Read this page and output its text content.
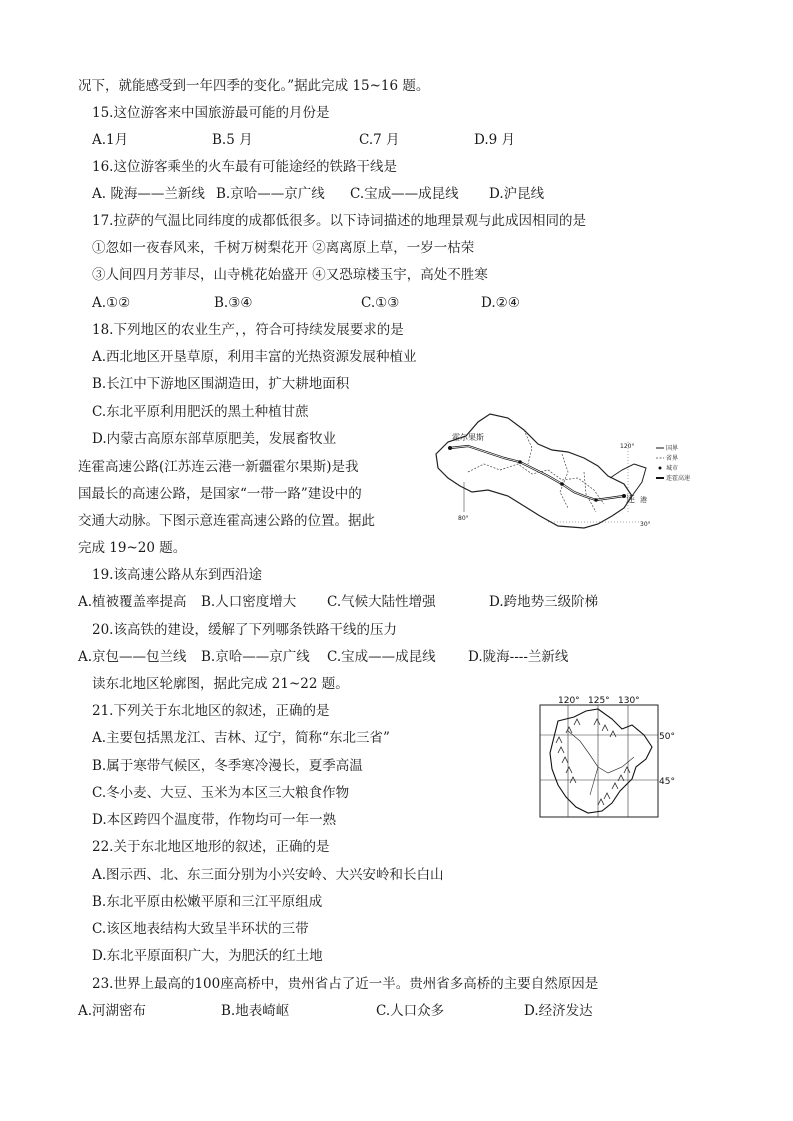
况下，就能感受到一年四季的变化。”据此完成 15~16 题。
15.这位游客来中国旅游最可能的月份是
A.1月	B.5 月	C.7 月	D.9 月
16.这位游客乘坐的火车最有可能途经的铁路干线是
A. 陇海——兰新线 B.京哈——京广线 C.宝成——成昆线 D.沪昆线
17.拉萨的气温比同纬度的成都低很多。以下诗词描述的地理景观与此成因相同的是
①忽如一夜春风来，千树万树梨花开 ②离离原上草，一岁一枯荣
③人间四月芳菲尽，山寺桃花始盛开 ④又恐琼楼玉宇，高处不胜寒
A.①②	B.③④	C.①③	D.②④
18.下列地区的农业生产，，符合可持续发展要求的是
A.西北地区开垦草原，利用丰富的光热资源发展种植业
B.长江中下游地区围湖造田，扩大耕地面积
C.东北平原利用肥沃的黑土种植甘蔗
D.内蒙古高原东部草原肥美，发展畜牧业
连霍高速公路(江苏连云港一新疆霍尔果斯)是我
国最长的高速公路，是国家“一带一路”建设中的
交通大动脉。下图示意连霍高速公路的位置。据此
完成 19~20 题。
霍尔果斯
连 港
120°
30°
80°
国界
省界
城市
连霍高速
19.该高速公路从东到西沿途
A.植被覆盖率提高 B.人口密度增大 C.气候大陆性增强	D.跨地势三级阶梯
20.该高铁的建设，缓解了下列哪条铁路干线的压力
A.京包——包兰线 B.京哈——京广线 C.宝成——成昆线 D.陇海----兰新线
读东北地区轮廓图，据此完成 21~22 题。
120° 125° 130°
50°
45°
21.下列关于东北地区的叙述，正确的是
A.主要包括黑龙江、吉林、辽宁，简称“东北三省”
B.属于寒带气候区，冬季寒冷漫长，夏季高温
C.冬小麦、大豆、玉米为本区三大粮食作物
D.本区跨四个温度带，作物均可一年一熟
22.关于东北地区地形的叙述，正确的是
A.图示西、北、东三面分别为小兴安岭、大兴安岭和长白山
B.东北平原由松嫩平原和三江平原组成
C.该区地表结构大致呈半环状的三带
D.东北平原面积广大，为肥沃的红土地
23.世界上最高的100座高桥中，贵州省占了近一半。贵州省多高桥的主要自然原因是
A.河湖密布	B.地表崎岖	C.人口众多	D.经济发达
